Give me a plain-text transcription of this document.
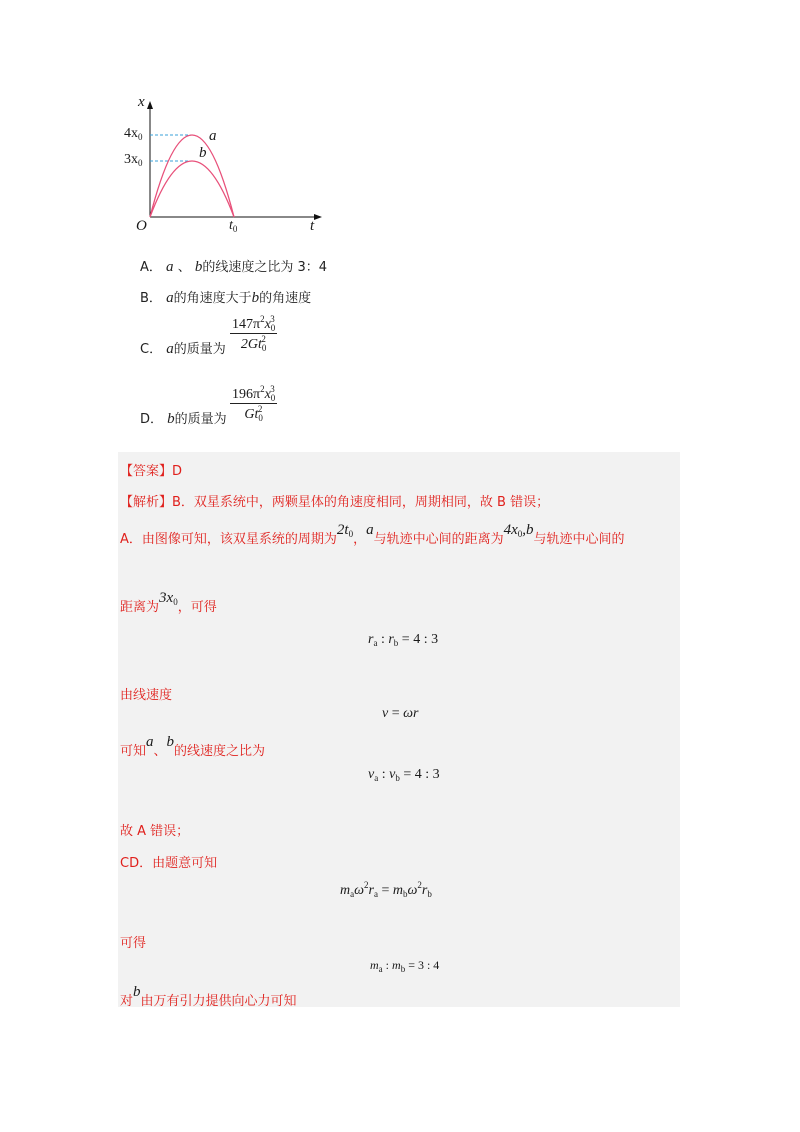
x
t
O
$4x_0$
$3x_0$
$t_0$
a
b
A． a 、 b的线速度之比为 3：4
B． a的角速度大于b的角速度
C． a的质量为 $\frac{147\pi^2x_0^3}{2Gt_0^2}$
D． b的质量为 $\frac{196\pi^2x_0^3}{Gt_0^2}$
【答案】D
【解析】B．双星系统中，两颗星体的角速度相同，周期相同，故 B 错误；
A．由图像可知，该双星系统的周期为$2t_0$，a与轨迹中心间的距离为$4x_0,b$与轨迹中心间的
距离为$3x_0$，可得
$r_a$ : $r_b = 4$ : 3
由线速度
v = ωr
可知a、b的线速度之比为
$v_a$ : $v_b = 4$ : 3
故 A 错误；
CD．由题意可知
$m_a\omega^2r_a = m_b\omega^2r_b$
可得
$m_a$ : $m_b = 3$ : 4
对b由万有引力提供向心力可知
